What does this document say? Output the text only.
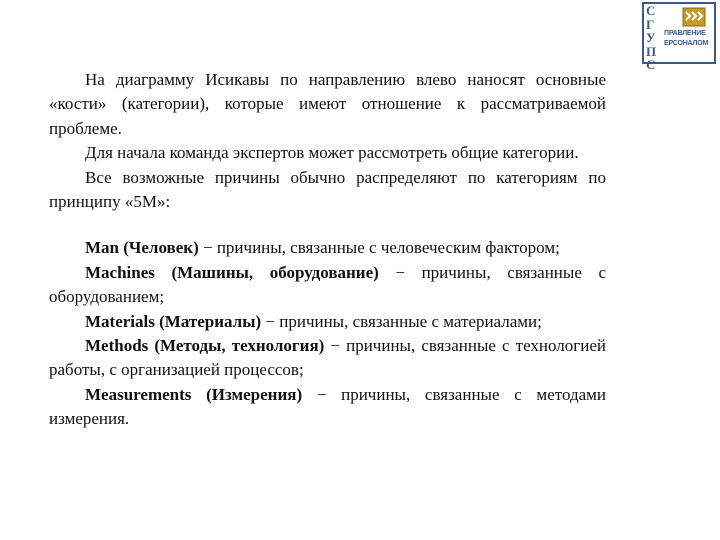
С
Г
У
П
С
ПРАВЛЕНИЕ
ЕРСОНАЛОМ

На диаграмму Исикавы по направлению влево наносят основные «кости» (категории), которые имеют отношение к рассматриваемой проблеме.

Для начала команда экспертов может рассмотреть общие категории.

Все возможные причины обычно распределяют по категориям по принципу «5М»:

Man (Человек) − причины, связанные с человеческим фактором;

Machines (Машины, оборудование) − причины, связанные с оборудованием;

Materials (Материалы) − причины, связанные с материалами;

Methods (Методы, технология) − причины, связанные с технологией работы, с организацией процессов;

Measurements (Измерения) − причины, связанные с методами измерения.
